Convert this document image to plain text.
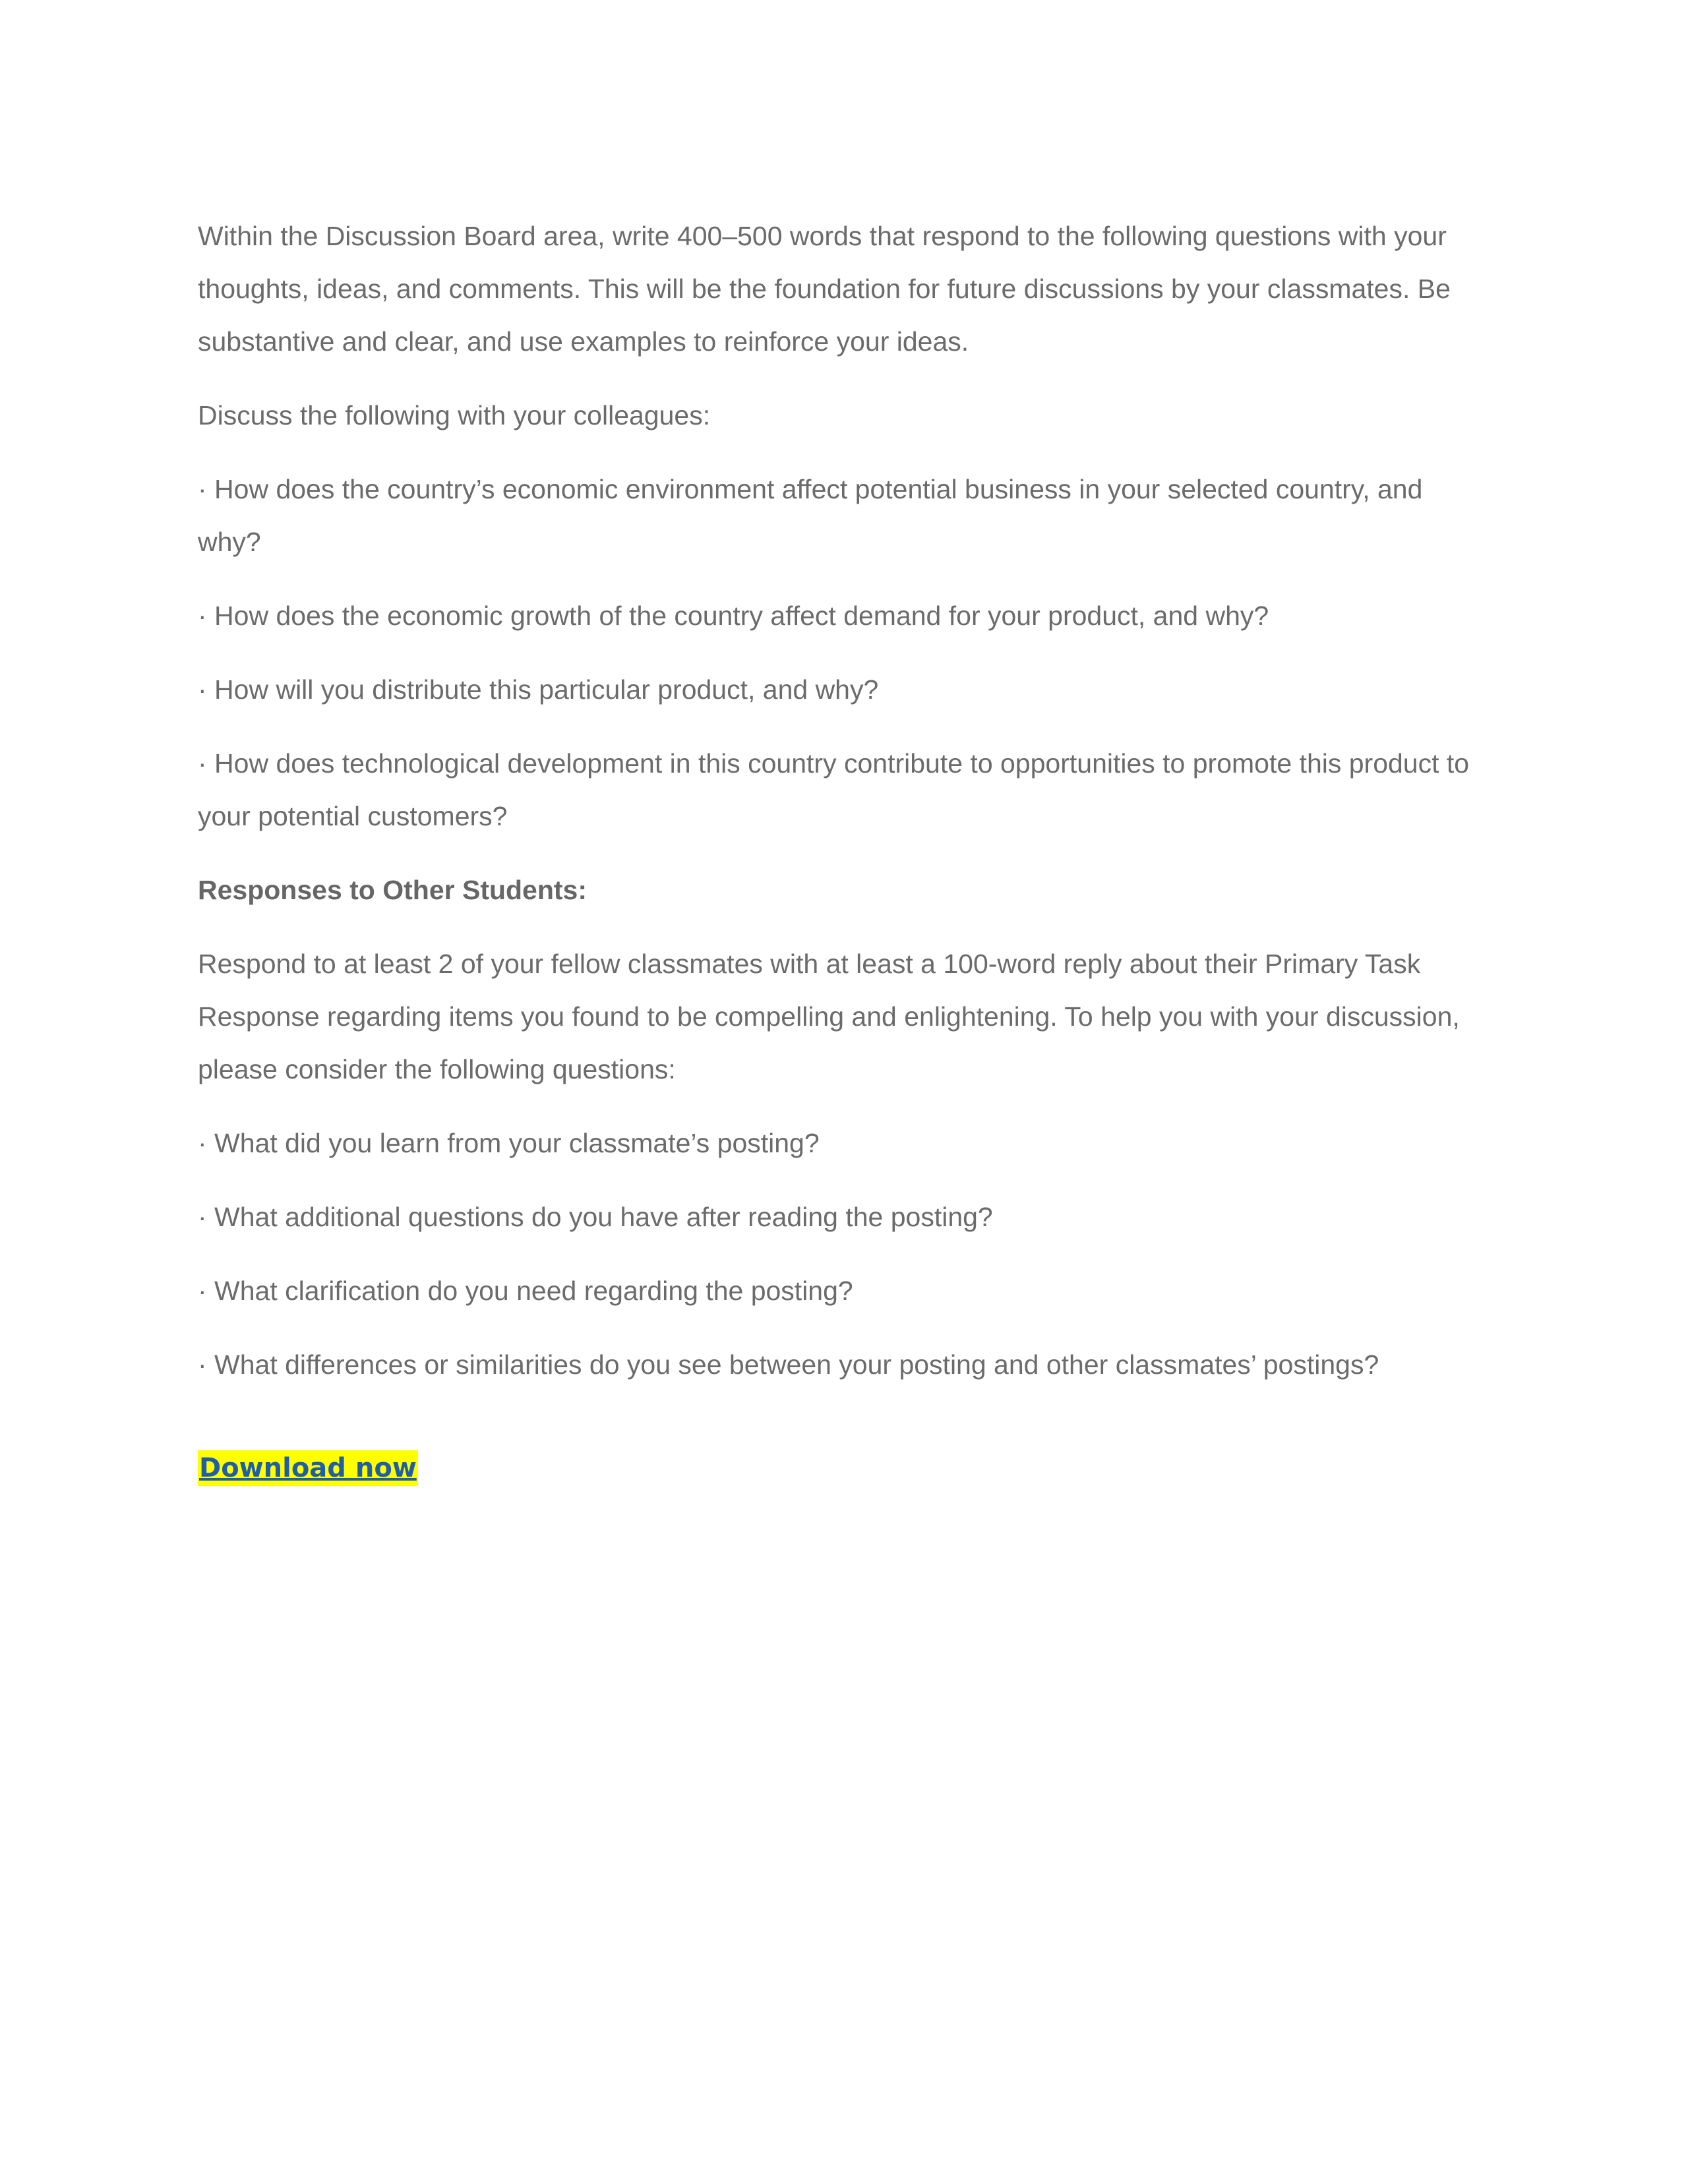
Within the Discussion Board area, write 400–500 words that respond to the following questions with your thoughts, ideas, and comments. This will be the foundation for future discussions by your classmates. Be substantive and clear, and use examples to reinforce your ideas.

Discuss the following with your colleagues:

· How does the country’s economic environment affect potential business in your selected country, and why?

· How does the economic growth of the country affect demand for your product, and why?

· How will you distribute this particular product, and why?

· How does technological development in this country contribute to opportunities to promote this product to your potential customers?

Responses to Other Students:

Respond to at least 2 of your fellow classmates with at least a 100-word reply about their Primary Task Response regarding items you found to be compelling and enlightening. To help you with your discussion, please consider the following questions:

· What did you learn from your classmate’s posting?

· What additional questions do you have after reading the posting?

· What clarification do you need regarding the posting?

· What differences or similarities do you see between your posting and other classmates’ postings?

Download now
